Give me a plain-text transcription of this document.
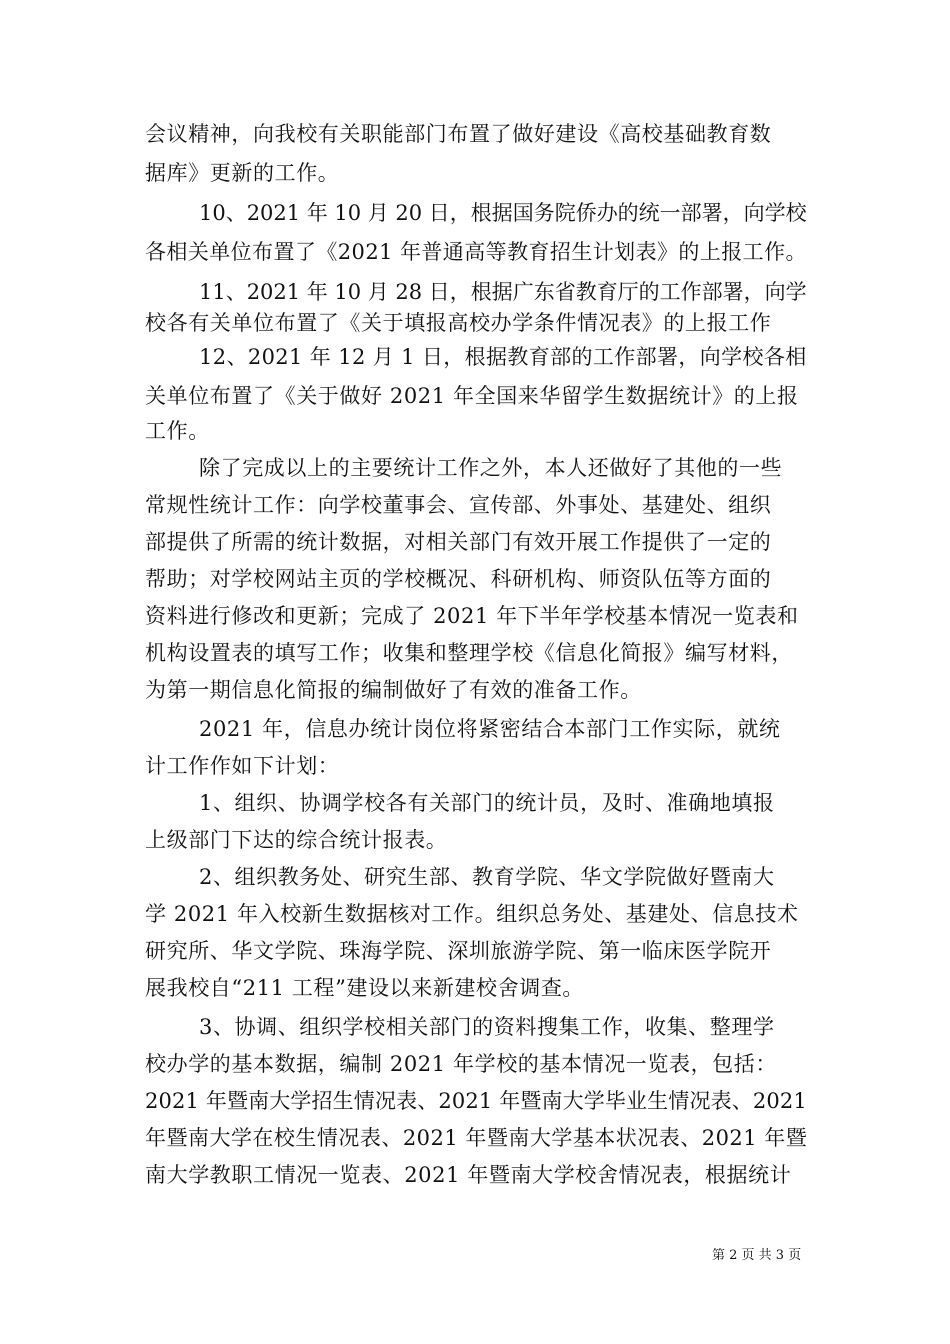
会议精神，向我校有关职能部门布置了做好建设《高校基础教育数
据库》更新的工作。
10、2021 年 10 月 20 日，根据国务院侨办的统一部署，向学校
各相关单位布置了《2021 年普通高等教育招生计划表》的上报工作。
11、2021 年 10 月 28 日，根据广东省教育厅的工作部署，向学
校各有关单位布置了《关于填报高校办学条件情况表》的上报工作
12、2021 年 12 月 1 日，根据教育部的工作部署，向学校各相
关单位布置了《关于做好 2021 年全国来华留学生数据统计》的上报
工作。
除了完成以上的主要统计工作之外，本人还做好了其他的一些
常规性统计工作：向学校董事会、宣传部、外事处、基建处、组织
部提供了所需的统计数据，对相关部门有效开展工作提供了一定的
帮助；对学校网站主页的学校概况、科研机构、师资队伍等方面的
资料进行修改和更新；完成了 2021 年下半年学校基本情况一览表和
机构设置表的填写工作；收集和整理学校《信息化简报》编写材料，
为第一期信息化简报的编制做好了有效的准备工作。
2021 年，信息办统计岗位将紧密结合本部门工作实际，就统
计工作作如下计划：
1、组织、协调学校各有关部门的统计员，及时、准确地填报
上级部门下达的综合统计报表。
2、组织教务处、研究生部、教育学院、华文学院做好暨南大
学 2021 年入校新生数据核对工作。组织总务处、基建处、信息技术
研究所、华文学院、珠海学院、深圳旅游学院、第一临床医学院开
展我校自“211 工程”建设以来新建校舍调查。
3、协调、组织学校相关部门的资料搜集工作，收集、整理学
校办学的基本数据，编制 2021 年学校的基本情况一览表，包括：
2021 年暨南大学招生情况表、2021 年暨南大学毕业生情况表、2021
年暨南大学在校生情况表、2021 年暨南大学基本状况表、2021 年暨
南大学教职工情况一览表、2021 年暨南大学校舍情况表，根据统计
第 2 页 共 3 页
